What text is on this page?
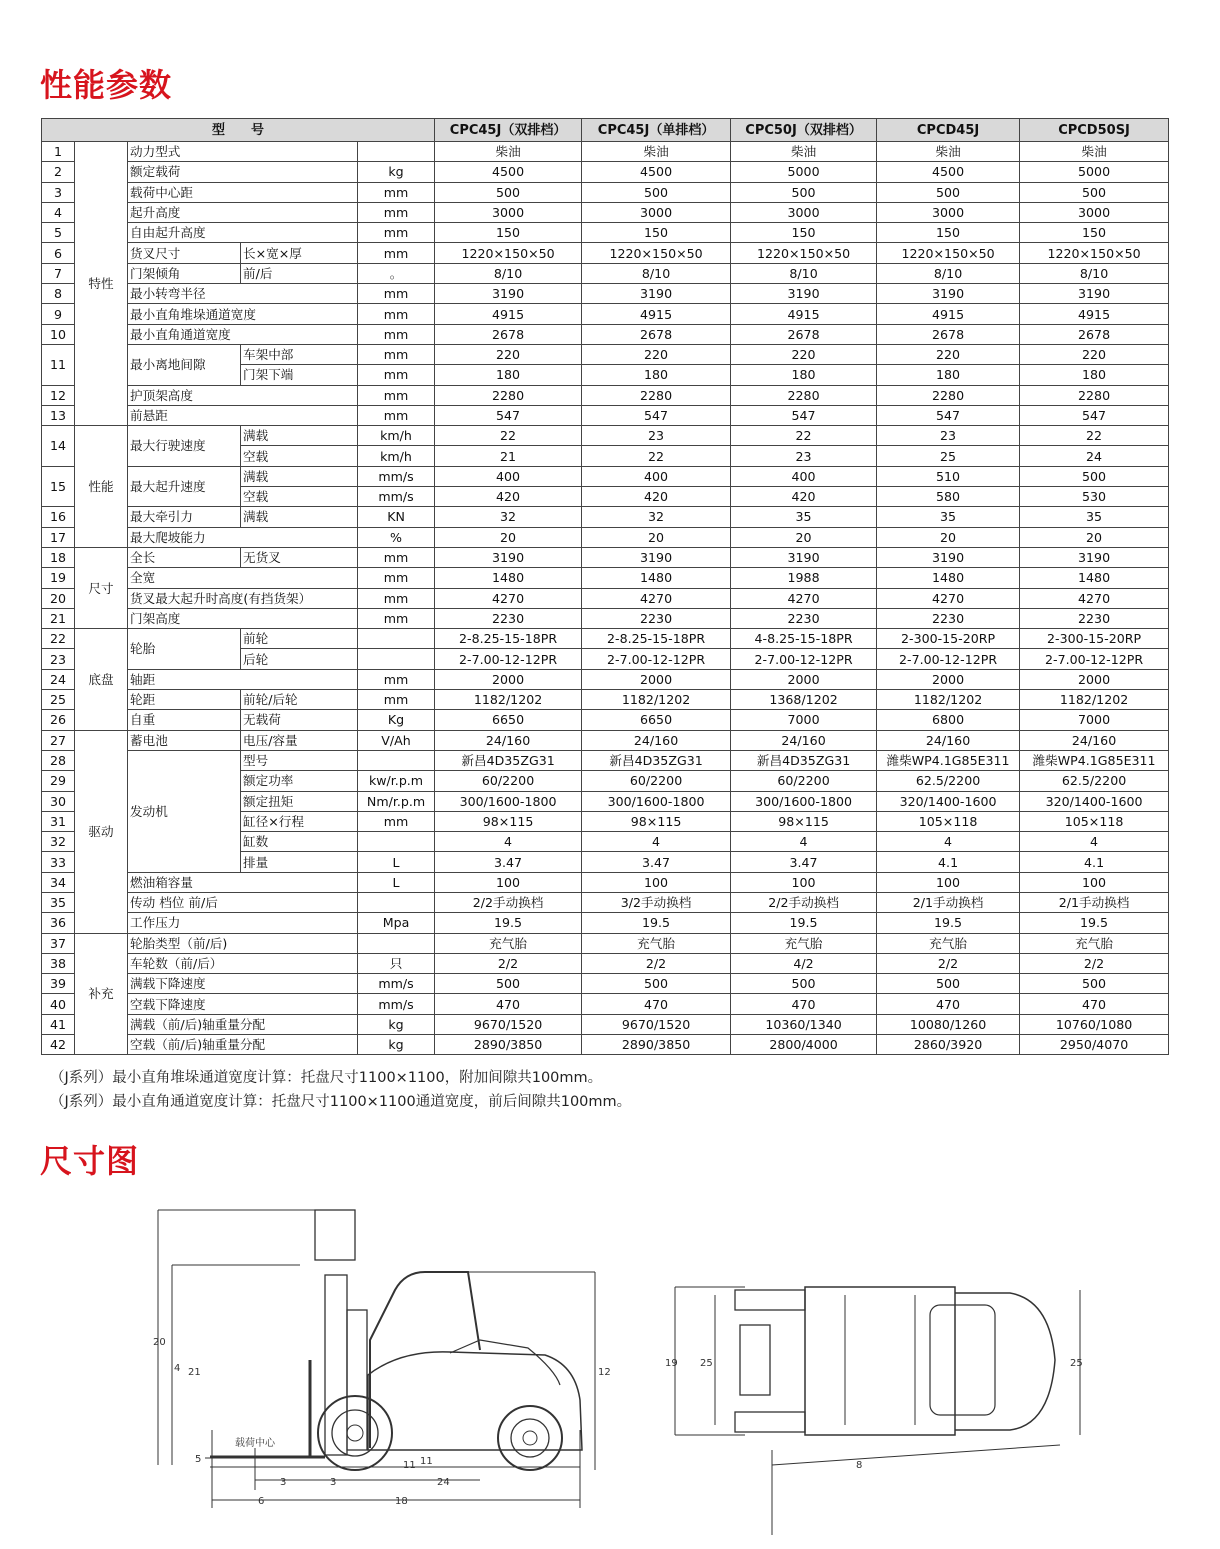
性能参数
型　　号					CPC45J（双排档）	CPC45J（单排档）	CPC50J（双排档）	CPCD45J	CPCD50SJ
1	特性	动力型式			柴油	柴油	柴油	柴油	柴油
2		额定载荷		kg	4500	4500	5000	4500	5000
3		载荷中心距		mm	500	500	500	500	500
4		起升高度		mm	3000	3000	3000	3000	3000
5		自由起升高度		mm	150	150	150	150	150
6		货叉尺寸	长×宽×厚	mm	1220×150×50	1220×150×50	1220×150×50	1220×150×50	1220×150×50
7		门架倾角	前/后	。	8/10	8/10	8/10	8/10	8/10
8		最小转弯半径		mm	3190	3190	3190	3190	3190
9		最小直角堆垛通道宽度		mm	4915	4915	4915	4915	4915
10		最小直角通道宽度		mm	2678	2678	2678	2678	2678
11		最小离地间隙	车架中部	mm	220	220	220	220	220
			门架下端	mm	180	180	180	180	180
12		护顶架高度		mm	2280	2280	2280	2280	2280
13		前悬距		mm	547	547	547	547	547
14	性能	最大行驶速度	满载	km/h	22	23	22	23	22
			空载	km/h	21	22	23	25	24
15		最大起升速度	满载	mm/s	400	400	400	510	500
			空载	mm/s	420	420	420	580	530
16		最大牵引力	满载	KN	32	32	35	35	35
17		最大爬坡能力		%	20	20	20	20	20
18	尺寸	全长	无货叉	mm	3190	3190	3190	3190	3190
19		全宽		mm	1480	1480	1988	1480	1480
20		货叉最大起升时高度(有挡货架）		mm	4270	4270	4270	4270	4270
21		门架高度		mm	2230	2230	2230	2230	2230
22	底盘	轮胎	前轮		2-8.25-15-18PR	2-8.25-15-18PR	4-8.25-15-18PR	2-300-15-20RP	2-300-15-20RP
23			后轮		2-7.00-12-12PR	2-7.00-12-12PR	2-7.00-12-12PR	2-7.00-12-12PR	2-7.00-12-12PR
24		轴距		mm	2000	2000	2000	2000	2000
25		轮距	前轮/后轮	mm	1182/1202	1182/1202	1368/1202	1182/1202	1182/1202
26		自重	无载荷	Kg	6650	6650	7000	6800	7000
27	驱动	蓄电池	电压/容量	V/Ah	24/160	24/160	24/160	24/160	24/160
28		发动机	型号		新昌4D35ZG31	新昌4D35ZG31	新昌4D35ZG31	潍柴WP4.1G85E311	潍柴WP4.1G85E311
29			额定功率	kw/r.p.m	60/2200	60/2200	60/2200	62.5/2200	62.5/2200
30			额定扭矩	Nm/r.p.m	300/1600-1800	300/1600-1800	300/1600-1800	320/1400-1600	320/1400-1600
31			缸径×行程	mm	98×115	98×115	98×115	105×118	105×118
32			缸数		4	4	4	4	4
33			排量	L	3.47	3.47	3.47	4.1	4.1
34		燃油箱容量		L	100	100	100	100	100
35		传动 档位 前/后			2/2手动换档	3/2手动换档	2/2手动换档	2/1手动换档	2/1手动换档
36		工作压力		Mpa	19.5	19.5	19.5	19.5	19.5
37	补充	轮胎类型（前/后)			充气胎	充气胎	充气胎	充气胎	充气胎
38		车轮数（前/后）		只	2/2	2/2	4/2	2/2	2/2
39		满载下降速度		mm/s	500	500	500	500	500
40		空载下降速度		mm/s	470	470	470	470	470
41		满载（前/后)轴重量分配		kg	9670/1520	9670/1520	10360/1340	10080/1260	10760/1080
42		空载（前/后)轴重量分配		kg	2890/3850	2890/3850	2800/4000	2860/3920	2950/4070
（J系列）最小直角堆垛通道宽度计算：托盘尺寸1100×1100，附加间隙共100mm。
（J系列）最小直角通道宽度计算：托盘尺寸1100×1100通道宽度，前后间隙共100mm。
尺寸图
载荷中心
20
4 21	12
5
11 11
3	3	24
6	18
19 25	25
8
